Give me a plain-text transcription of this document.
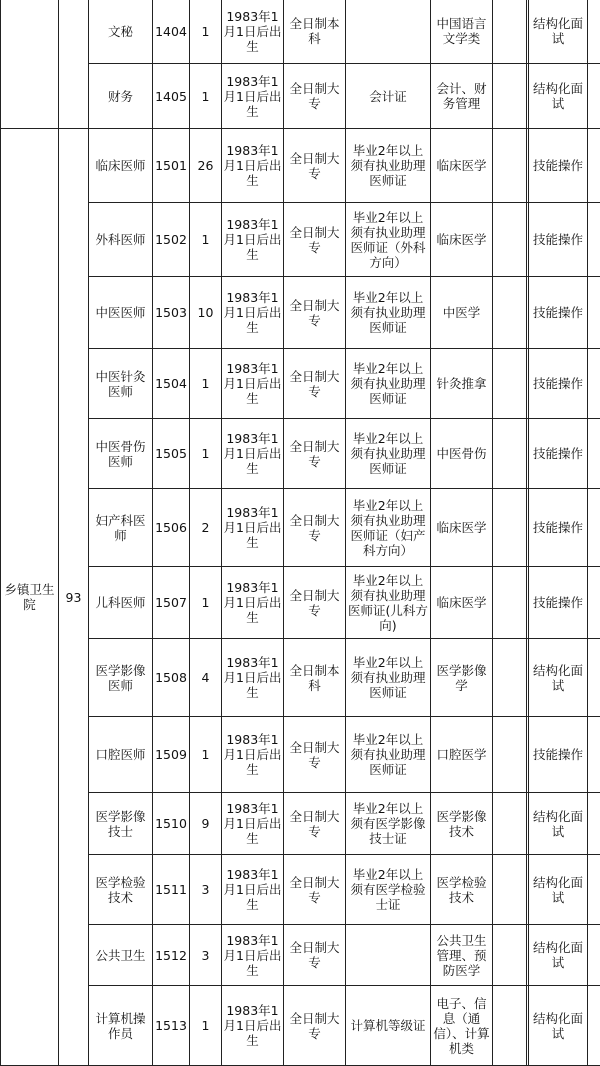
		文秘	1404	1	1983年1月1日后出生	全日制本科		中国语言文学类			结构化面试	
		财务	1405	1	1983年1月1日后出生	全日制大专	会计证	会计、财务管理			结构化面试	
乡镇卫生院	93	临床医师	1501	26	1983年1月1日后出生	全日制大专	毕业2年以上须有执业助理医师证	临床医学			技能操作	
		外科医师	1502	1	1983年1月1日后出生	全日制大专	毕业2年以上须有执业助理医师证（外科方向）	临床医学			技能操作	
		中医医师	1503	10	1983年1月1日后出生	全日制大专	毕业2年以上须有执业助理医师证	中医学			技能操作	
		中医针灸医师	1504	1	1983年1月1日后出生	全日制大专	毕业2年以上须有执业助理医师证	针灸推拿			技能操作	
		中医骨伤医师	1505	1	1983年1月1日后出生	全日制大专	毕业2年以上须有执业助理医师证	中医骨伤			技能操作	
		妇产科医师	1506	2	1983年1月1日后出生	全日制大专	毕业2年以上须有执业助理医师证（妇产科方向）	临床医学			技能操作	
		儿科医师	1507	1	1983年1月1日后出生	全日制大专	毕业2年以上须有执业助理医师证(儿科方向)	临床医学			技能操作	
		医学影像医师	1508	4	1983年1月1日后出生	全日制本科	毕业2年以上须有执业助理医师证	医学影像学			结构化面试	
		口腔医师	1509	1	1983年1月1日后出生	全日制大专	毕业2年以上须有执业助理医师证	口腔医学			技能操作	
		医学影像技士	1510	9	1983年1月1日后出生	全日制大专	毕业2年以上须有医学影像技士证	医学影像技术			结构化面试	
		医学检验技术	1511	3	1983年1月1日后出生	全日制大专	毕业2年以上须有医学检验士证	医学检验技术			结构化面试	
		公共卫生	1512	3	1983年1月1日后出生	全日制大专		公共卫生管理、预防医学			结构化面试	
		计算机操作员	1513	1	1983年1月1日后出生	全日制大专	计算机等级证	电子、信息（通信）、计算机类			结构化面试	
